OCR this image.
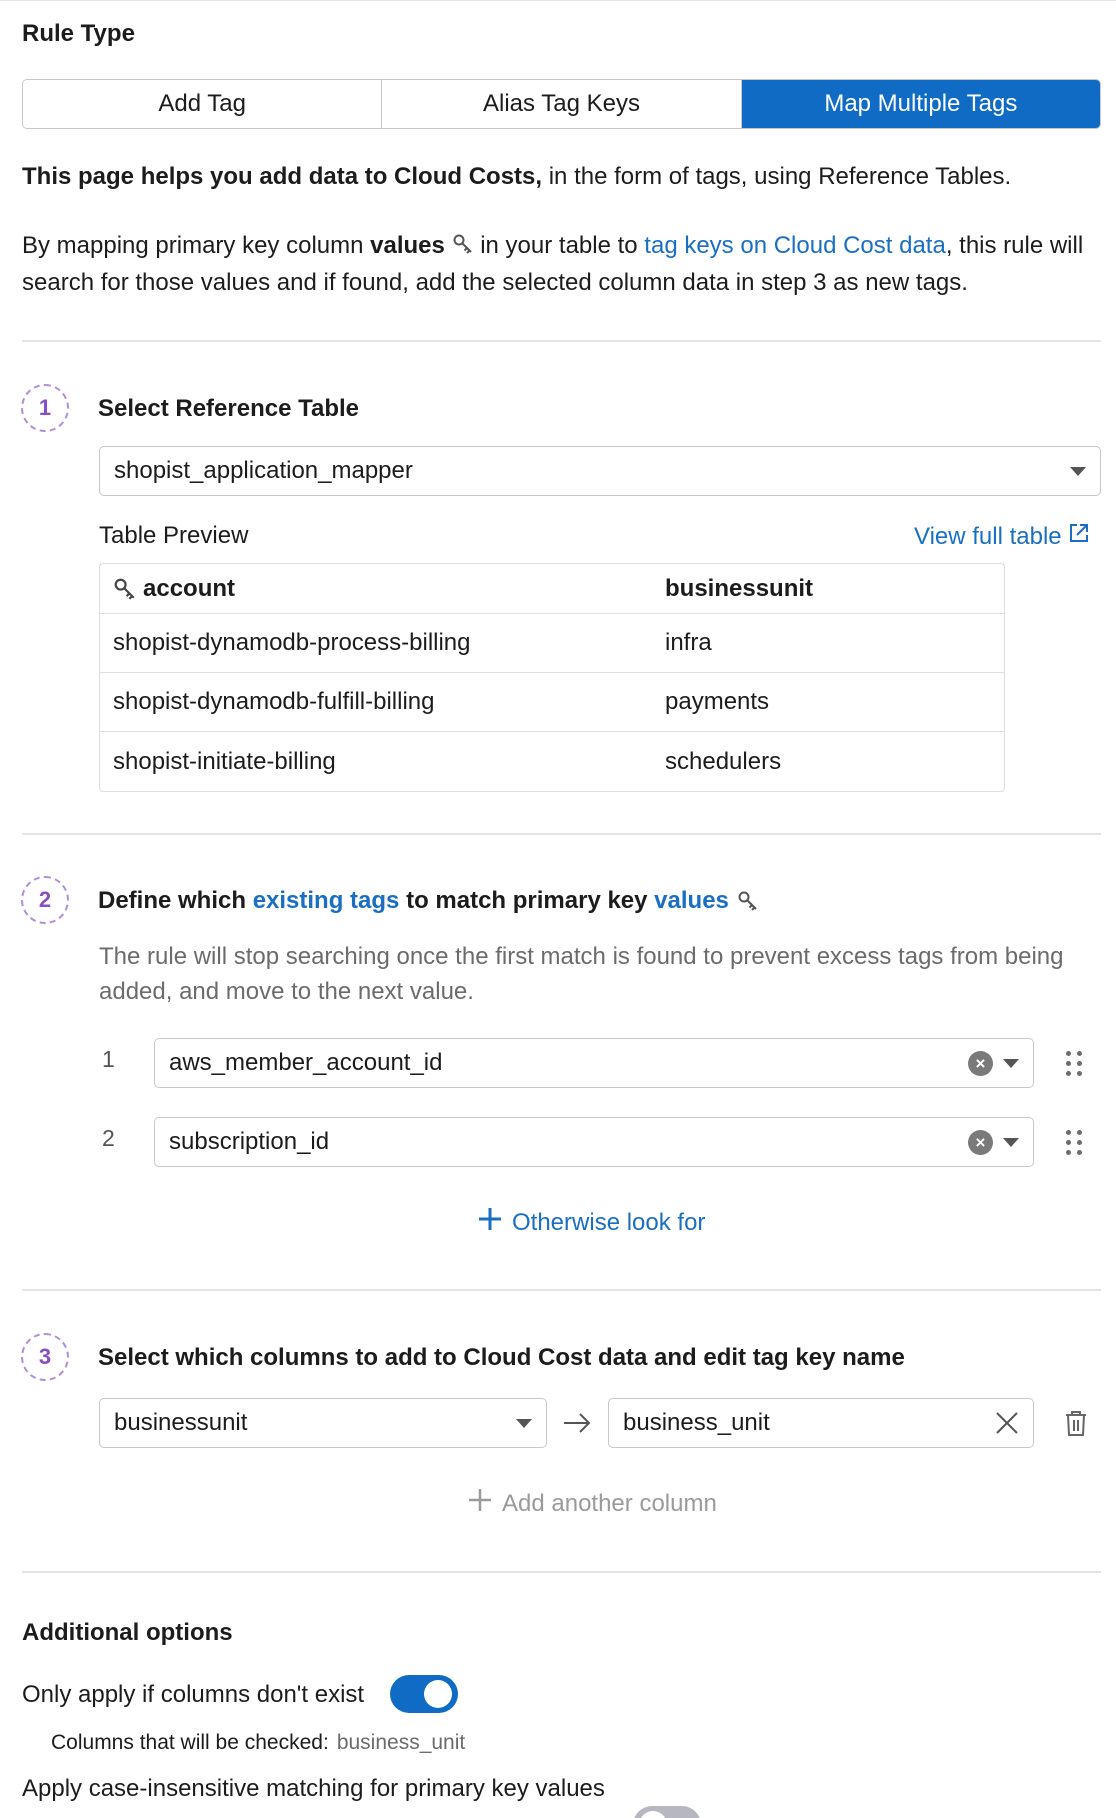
Rule Type
Add Tag	Alias Tag Keys	Map Multiple Tags
This page helps you add data to Cloud Costs, in the form of tags, using Reference Tables.
By mapping primary key column values  in your table to tag keys on Cloud Cost data, this rule will search for those values and if found, add the selected column data in step 3 as new tags.
1	Select Reference Table
shopist_application_mapper
Table Preview	View full table
account	businessunit
shopist-dynamodb-process-billing	infra
shopist-dynamodb-fulfill-billing	payments
shopist-initiate-billing	schedulers
2	Define which existing tags to match primary key values
The rule will stop searching once the first match is found to prevent excess tags from being added, and move to the next value.
1 aws_member_account_id	×
2 subscription_id	×
Otherwise look for
3	Select which columns to add to Cloud Cost data and edit tag key name
businessunit	business_unit
Add another column
Additional options
Only apply if columns don't exist
Columns that will be checked: business_unit
Apply case-insensitive matching for primary key values
